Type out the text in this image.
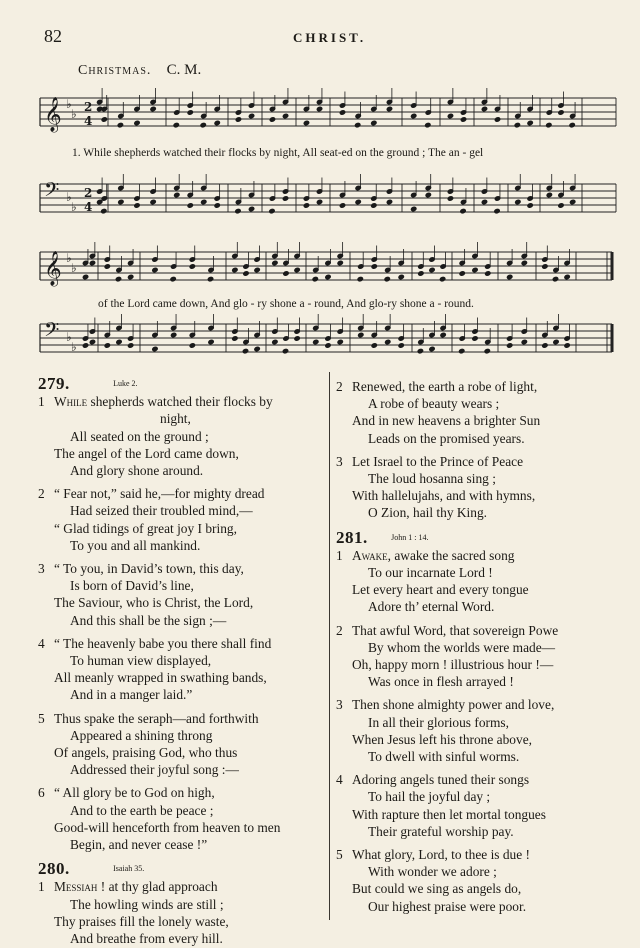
82	CHRIST.
Christmas. C. M.
𝄞 ♭
♭ 2
4
𝄢 ♭
♭
2
4
𝄞 ♭
♭
𝄢 ♭
♭
1. While shepherds watched their flocks by night, All seat-ed on the ground ; The an - gel
of the Lord came down, And glo - ry shone a - round, And glo-ry shone a - round.
279.	$^{Luke 2.}$
1 While shepherds watched their flocks by
night,
All seated on the ground ;
The angel of the Lord came down,
And glory shone around.
2 “ Fear not,” said he,—for mighty dread
Had seized their troubled mind,—
“ Glad tidings of great joy I bring,
To you and all mankind.
3 “ To you, in David’s town, this day,
Is born of David’s line,
The Saviour, who is Christ, the Lord,
And this shall be the sign ;—
4 “ The heavenly babe you there shall find
To human view displayed,
All meanly wrapped in swathing bands,
And in a manger laid.”
5 Thus spake the seraph—and forthwith
Appeared a shining throng
Of angels, praising God, who thus
Addressed their joyful song :—
6 “ All glory be to God on high,
And to the earth be peace ;
Good-will henceforth from heaven to men
Begin, and never cease !”
280.	$^{Isaiah 35.}$
1 Messiah ! at thy glad approach
The howling winds are still ;
Thy praises fill the lonely waste,
And breathe from every hill.
2 Renewed, the earth a robe of light,
A robe of beauty wears ;
And in new heavens a brighter Sun
Leads on the promised years.
3 Let Israel to the Prince of Peace
The loud hosanna sing ;
With hallelujahs, and with hymns,
O Zion, hail thy King.
281.	$^{John 1 : 14.}$
1 Awake, awake the sacred song
To our incarnate Lord !
Let every heart and every tongue
Adore th’ eternal Word.
2 That awful Word, that sovereign Powe
By whom the worlds were made—
Oh, happy morn ! illustrious hour !—
Was once in flesh arrayed !
3 Then shone almighty power and love,
In all their glorious forms,
When Jesus left his throne above,
To dwell with sinful worms.
4 Adoring angels tuned their songs
To hail the joyful day ;
With rapture then let mortal tongues
Their grateful worship pay.
5 What glory, Lord, to thee is due !
With wonder we adore ;
But could we sing as angels do,
Our highest praise were poor.
